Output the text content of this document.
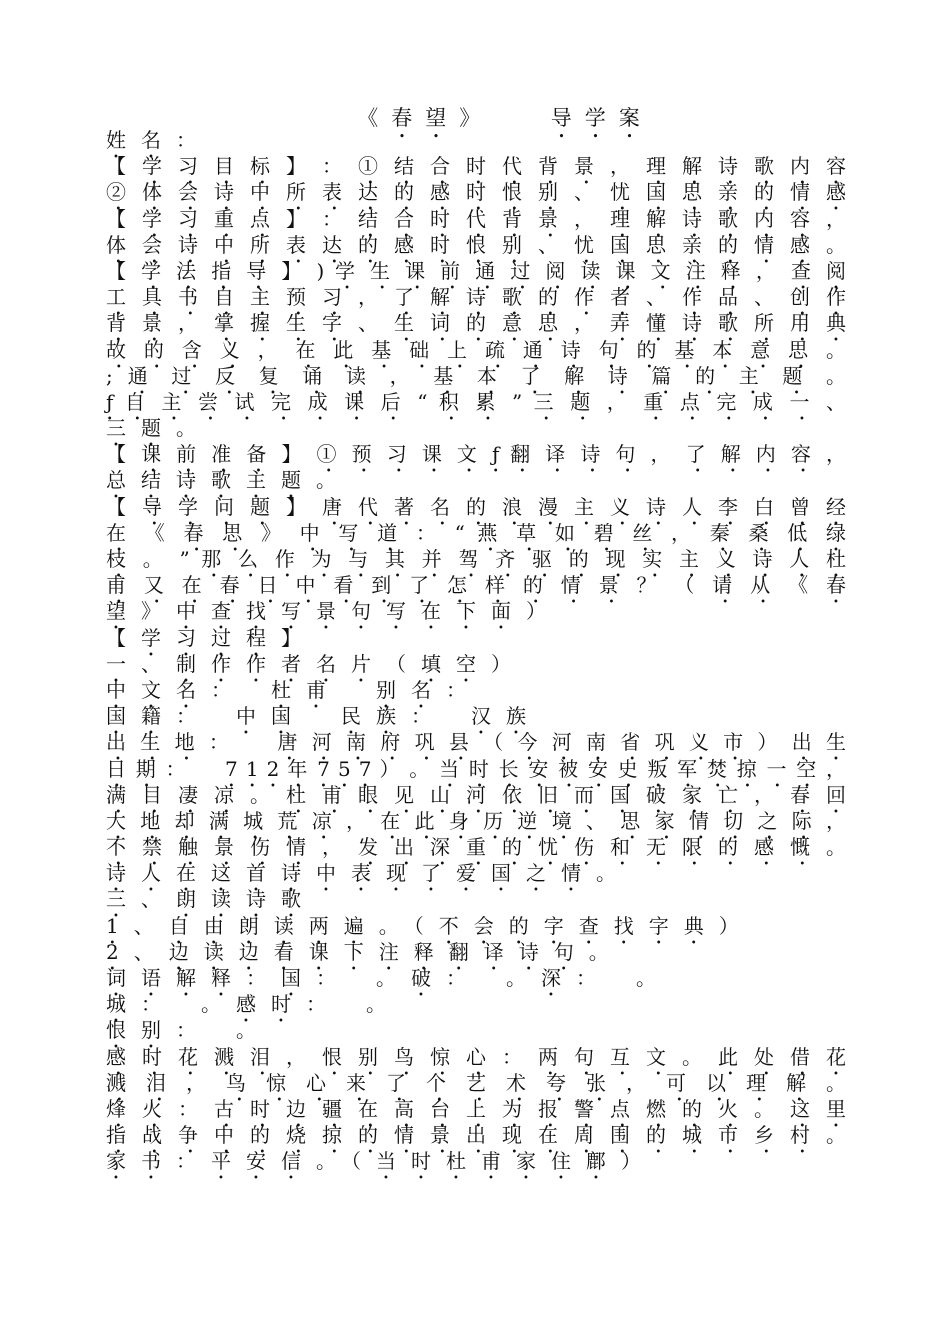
《春望》　　导学案
姓名：
【 学 习 目 标 】 ： ① 结 合 时 代 背 景 ， 理 解 诗 歌 内 容
② 体 会 诗 中 所 表 达 的 感 时 恨 别 、 忧 国 思 亲 的 情 感
【 学 习 重 点 】 ： 结 合 时 代 背 景 ， 理 解 诗 歌 内 容 ，
体 会 诗 中 所 表 达 的 感 时 恨 别 、 忧 国 思 亲 的 情 感 。
【 学 法 指 导 】 ) 学 生 课 前 通 过 阅 读 课 文 注 释 ， 查 阅
工 具 书 自 主 预 习 ， 了 解 诗 歌 的 作 者 、 作 品 、 创 作
背 景 ， 掌 握 生 字 、 生 词 的 意 思 ， 弄 懂 诗 歌 所 用 典
故 的 含 义 ， 在 此 基 础 上 疏 通 诗 句 的 基 本 意 思 。
; 通 过 反 复 诵 读 ， 基 本 了 解 诗 篇 的 主 题 。
ƒ 自 主 尝 试 完 成 课 后 “ 积 累 ” 三 题 ， 重 点 完 成 一 、
三题。
【 课 前 准 备 】 ① 预 习 课 文 ƒ 翻 译 诗 句 ， 了 解 内 容 ，
总结诗歌主题。
【 导 学 问 题 】 唐 代 著 名 的 浪 漫 主 义 诗 人 李 白 曾 经
在 《 春 思 》 中 写 道 ： “ 燕 草 如 碧 丝 ， 秦 桑 低 绿
枝 。 ” 那 么 作 为 与 其 并 驾 齐 驱 的 现 实 主 义 诗 人 杜
甫 又 在 春 日 中 看 到 了 怎 样 的 情 景 ？ （ 请 从 《 春
望》中查找写景句写在下面）
【学习过程】
一、制作作者名片（填空）
中文名：　杜甫　别名：
国籍：　中国　民族：　汉族
出 生 地 ： 　 唐 河 南 府 巩 县 （ 今 河 南 省 巩 义 市 ） 出 生
日 期 ： 　 7 1 2 年 7 5 7 ） 。 当 时 长 安 被 安 史 叛 军 焚 掠 一 空 ，
满 目 凄 凉 。 杜 甫 眼 见 山 河 依 旧 而 国 破 家 亡 ， 春 回
大 地 却 满 城 荒 凉 ， 在 此 身 历 逆 境 、 思 家 情 切 之 际 ，
不 禁 触 景 伤 情 ， 发 出 深 重 的 忧 伤 和 无 限 的 感 慨 。
诗人在这首诗中表现了爱国之情。
三、朗读诗歌
1、自由朗读两遍。（不会的字查找字典）
2、边读边看课下注释翻译诗句。
词语解释：国：　。破：　。深：　。
城：　。感时：　。
恨别：　。
感 时 花 溅 泪 ， 恨 别 鸟 惊 心 ： 两 句 互 文 。 此 处 借 花
溅 泪 ， 鸟 惊 心 来 了 个 艺 术 夸 张 ， 可 以 理 解 。
烽 火 ： 古 时 边 疆 在 高 台 上 为 报 警 点 燃 的 火 。 这 里
指 战 争 中 的 烧 掠 的 情 景 出 现 在 周 围 的 城 市 乡 村 。
家书：平安信。（当时杜甫家住鄜）
